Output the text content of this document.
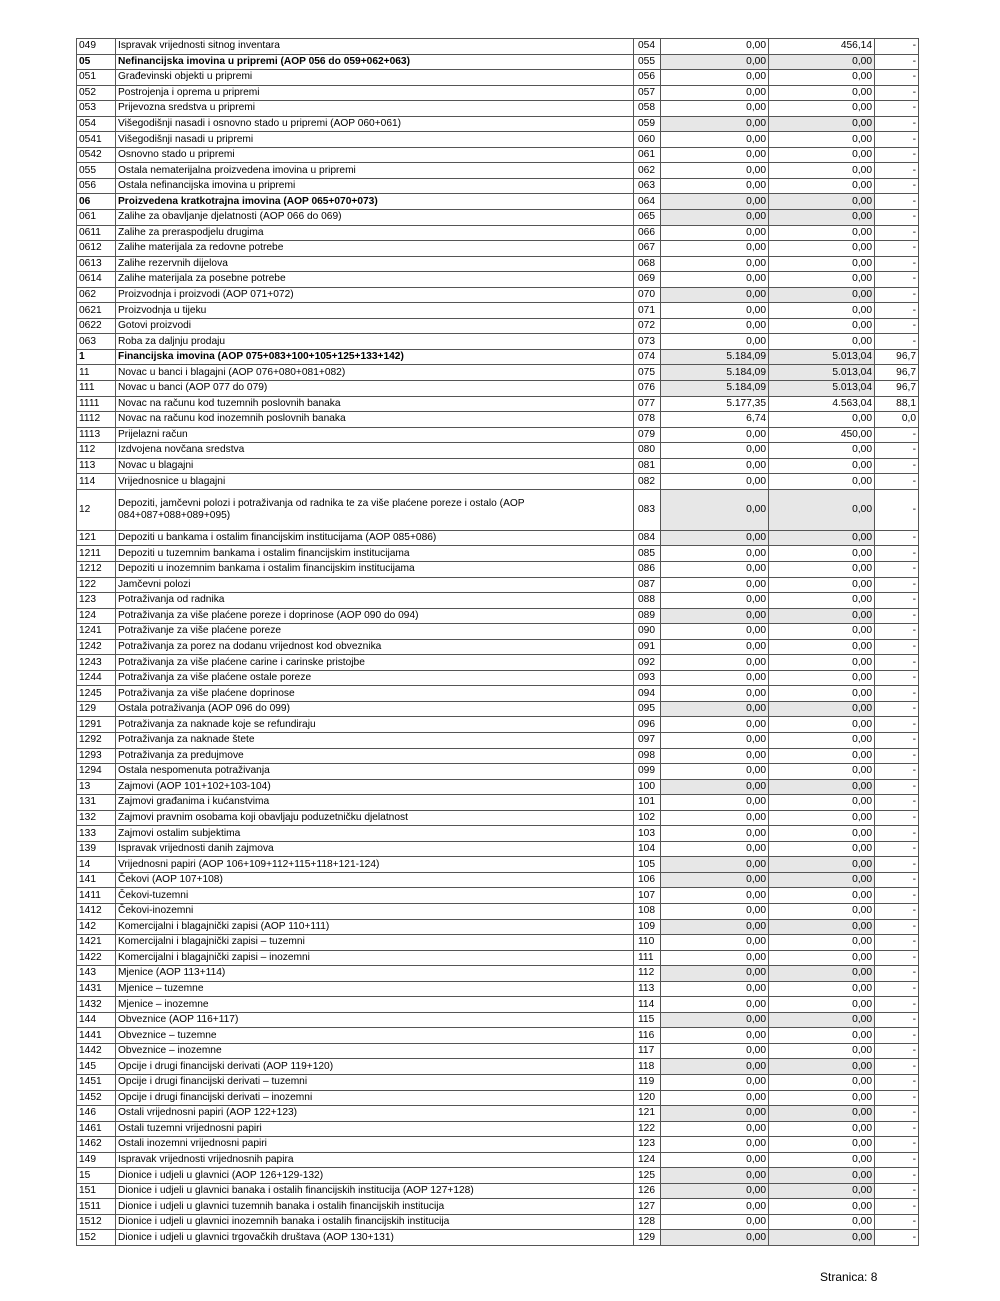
049	Ispravak vrijednosti sitnog inventara	054	0,00	456,14	-
05	Nefinancijska imovina u pripremi (AOP 056 do 059+062+063)	055	0,00	0,00	-
051	Građevinski objekti u pripremi	056	0,00	0,00	-
052	Postrojenja i oprema u pripremi	057	0,00	0,00	-
053	Prijevozna sredstva u pripremi	058	0,00	0,00	-
054	Višegodišnji nasadi i osnovno stado u pripremi (AOP 060+061)	059	0,00	0,00	-
0541	Višegodišnji nasadi u pripremi	060	0,00	0,00	-
0542	Osnovno stado u pripremi	061	0,00	0,00	-
055	Ostala nematerijalna proizvedena imovina u pripremi	062	0,00	0,00	-
056	Ostala nefinancijska imovina u pripremi	063	0,00	0,00	-
06	Proizvedena kratkotrajna imovina (AOP 065+070+073)	064	0,00	0,00	-
061	Zalihe za obavljanje djelatnosti (AOP 066 do 069)	065	0,00	0,00	-
0611	Zalihe za preraspodjelu drugima	066	0,00	0,00	-
0612	Zalihe materijala za redovne potrebe	067	0,00	0,00	-
0613	Zalihe rezervnih dijelova	068	0,00	0,00	-
0614	Zalihe materijala za posebne potrebe	069	0,00	0,00	-
062	Proizvodnja i proizvodi (AOP 071+072)	070	0,00	0,00	-
0621	Proizvodnja u tijeku	071	0,00	0,00	-
0622	Gotovi proizvodi	072	0,00	0,00	-
063	Roba za daljnju prodaju	073	0,00	0,00	-
1	Financijska imovina (AOP 075+083+100+105+125+133+142)	074	5.184,09	5.013,04	96,7
11	Novac u banci i blagajni (AOP 076+080+081+082)	075	5.184,09	5.013,04	96,7
111	Novac u banci (AOP 077 do 079)	076	5.184,09	5.013,04	96,7
1111	Novac na računu kod tuzemnih poslovnih banaka	077	5.177,35	4.563,04	88,1
1112	Novac na računu kod inozemnih poslovnih banaka	078	6,74	0,00	0,0
1113	Prijelazni račun	079	0,00	450,00	-
112	Izdvojena novčana sredstva	080	0,00	0,00	-
113	Novac u blagajni	081	0,00	0,00	-
114	Vrijednosnice u blagajni	082	0,00	0,00	-
12	Depoziti, jamčevni polozi i potraživanja od radnika te za više plaćene poreze i ostalo (AOP 084+087+088+089+095)	083	0,00	0,00	-
121	Depoziti u bankama i ostalim financijskim institucijama (AOP 085+086)	084	0,00	0,00	-
1211	Depoziti u tuzemnim bankama i ostalim financijskim institucijama	085	0,00	0,00	-
1212	Depoziti u inozemnim bankama i ostalim financijskim institucijama	086	0,00	0,00	-
122	Jamčevni polozi	087	0,00	0,00	-
123	Potraživanja od radnika	088	0,00	0,00	-
124	Potraživanja za više plaćene poreze i doprinose (AOP 090 do 094)	089	0,00	0,00	-
1241	Potraživanje za više plaćene poreze	090	0,00	0,00	-
1242	Potraživanja za porez na dodanu vrijednost kod obveznika	091	0,00	0,00	-
1243	Potraživanja za više plaćene carine i carinske pristojbe	092	0,00	0,00	-
1244	Potraživanja za više plaćene ostale poreze	093	0,00	0,00	-
1245	Potraživanja za više plaćene doprinose	094	0,00	0,00	-
129	Ostala potraživanja (AOP 096 do 099)	095	0,00	0,00	-
1291	Potraživanja za naknade koje se refundiraju	096	0,00	0,00	-
1292	Potraživanja za naknade štete	097	0,00	0,00	-
1293	Potraživanja za predujmove	098	0,00	0,00	-
1294	Ostala nespomenuta potraživanja	099	0,00	0,00	-
13	Zajmovi (AOP 101+102+103-104)	100	0,00	0,00	-
131	Zajmovi građanima i kućanstvima	101	0,00	0,00	-
132	Zajmovi pravnim osobama koji obavljaju poduzetničku djelatnost	102	0,00	0,00	-
133	Zajmovi ostalim subjektima	103	0,00	0,00	-
139	Ispravak vrijednosti danih zajmova	104	0,00	0,00	-
14	Vrijednosni papiri (AOP 106+109+112+115+118+121-124)	105	0,00	0,00	-
141	Čekovi (AOP 107+108)	106	0,00	0,00	-
1411	Čekovi-tuzemni	107	0,00	0,00	-
1412	Čekovi-inozemni	108	0,00	0,00	-
142	Komercijalni i blagajnički zapisi (AOP 110+111)	109	0,00	0,00	-
1421	Komercijalni i blagajnički zapisi – tuzemni	110	0,00	0,00	-
1422	Komercijalni i blagajnički zapisi – inozemni	111	0,00	0,00	-
143	Mjenice (AOP 113+114)	112	0,00	0,00	-
1431	Mjenice – tuzemne	113	0,00	0,00	-
1432	Mjenice – inozemne	114	0,00	0,00	-
144	Obveznice (AOP 116+117)	115	0,00	0,00	-
1441	Obveznice – tuzemne	116	0,00	0,00	-
1442	Obveznice – inozemne	117	0,00	0,00	-
145	Opcije i drugi financijski derivati (AOP 119+120)	118	0,00	0,00	-
1451	Opcije i drugi financijski derivati – tuzemni	119	0,00	0,00	-
1452	Opcije i drugi financijski derivati – inozemni	120	0,00	0,00	-
146	Ostali vrijednosni papiri (AOP 122+123)	121	0,00	0,00	-
1461	Ostali tuzemni vrijednosni papiri	122	0,00	0,00	-
1462	Ostali inozemni vrijednosni papiri	123	0,00	0,00	-
149	Ispravak vrijednosti vrijednosnih papira	124	0,00	0,00	-
15	Dionice i udjeli u glavnici (AOP 126+129-132)	125	0,00	0,00	-
151	Dionice i udjeli u glavnici banaka i ostalih financijskih institucija (AOP 127+128)	126	0,00	0,00	-
1511	Dionice i udjeli u glavnici tuzemnih banaka i ostalih financijskih institucija	127	0,00	0,00	-
1512	Dionice i udjeli u glavnici inozemnih banaka i ostalih financijskih institucija	128	0,00	0,00	-
152	Dionice i udjeli u glavnici trgovačkih društava (AOP 130+131)	129	0,00	0,00	-
Stranica: 8
